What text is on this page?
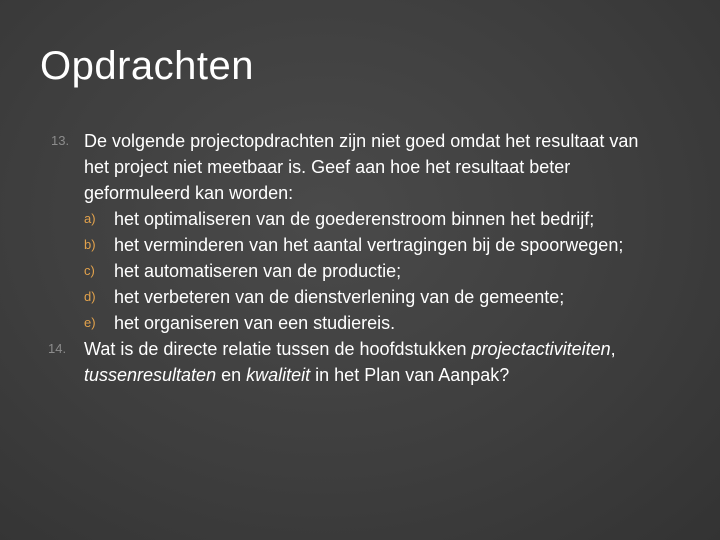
Opdrachten
13. De volgende projectopdrachten zijn niet goed omdat het resultaat van het project niet meetbaar is. Geef aan hoe het resultaat beter geformuleerd kan worden:
a) het optimaliseren van de goederenstroom binnen het bedrijf;
b) het verminderen van het aantal vertragingen bij de spoorwegen;
c) het automatiseren van de productie;
d) het verbeteren van de dienstverlening van de gemeente;
e) het organiseren van een studiereis.
14. Wat is de directe relatie tussen de hoofdstukken projectactiviteiten, tussenresultaten en kwaliteit in het Plan van Aanpak?
